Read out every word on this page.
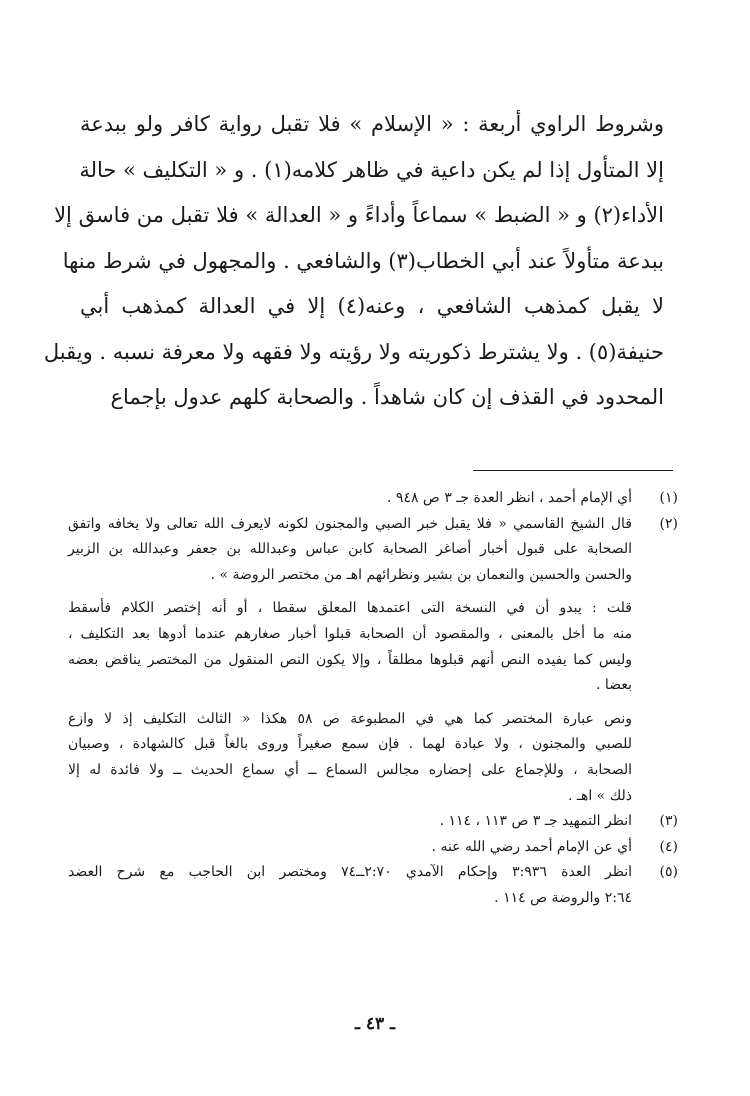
وشروط الراوي أربعة : « الإسلام » فلا تقبل رواية كافر ولو ببدعة
إلا المتأول إذا لم يكن داعية في ظاهر كلامه(١) . و « التكليف » حالة
الأداء(٢) و « الضبط » سماعاً وأداءً و « العدالة » فلا تقبل من فاسق إلا
ببدعة متأولاً عند أبي الخطاب(٣) والشافعي . والمجهول في شرط منها
لا يقبل كمذهب الشافعي ، وعنه(٤) إلا في العدالة كمذهب أبي
حنيفة(٥) . ولا يشترط ذكوريته ولا رؤيته ولا فقهه ولا معرفة نسبه . ويقبل
المحدود في القذف إن كان شاهداً . والصحابة كلهم عدول بإجماع
(١)
أي الإمام أحمد ، انظر العدة جـ ٣ ص ٩٤٨ .
(٢)
قال الشيخ القاسمي « فلا يقبل خبر الصبي والمجنون لكونه لايعرف الله تعالى ولا يخافه واتفق
الصحابة على قبول أخبار أصاغر الصحابة كابن عباس وعبدالله بن جعفر وعبدالله بن الزبير
والحسن والحسين والنعمان بن بشير ونظرائهم اهـ من مختصر الروضة » .
قلت : يبدو أن في النسخة التى اعتمدها المعلق سقطا ، أو أنه إختصر الكلام فأسقط
منه ما أخل بالمعنى ، والمقصود أن الصحابة قبلوا أخبار صغارهم عندما أدوها بعد التكليف ،
وليس كما يفيده النص أنهم قبلوها مطلقاً ، وإلا يكون النص المنقول من المختصر يناقض بعضه
بعضا .
ونص عبارة المختصر كما هي في المطبوعة ص ٥٨ هكذا « الثالث التكليف إذ لا وازع
للصبي والمجنون ، ولا عبادة لهما . فإن سمع صغيراً وروى بالغاً قبل كالشهادة ، وصبيان
الصحابة ، وللإجماع على إحضاره مجالس السماع ــ أي سماع الحديث ــ ولا فائدة له إلا
ذلك » اهـ .
(٣)
انظر التمهيد جـ ٣ ص ١١٣ ، ١١٤ .
(٤)
أي عن الإمام أحمد رضي الله عنه .
(٥)
انظر العدة ٣:٩٣٦ وإحكام الآمدي ٢:٧٠ــ٧٤ ومختصر ابن الحاجب مع شرح العضد
٢:٦٤ والروضة ص ١١٤ .
ـ ٤٣ ـ
